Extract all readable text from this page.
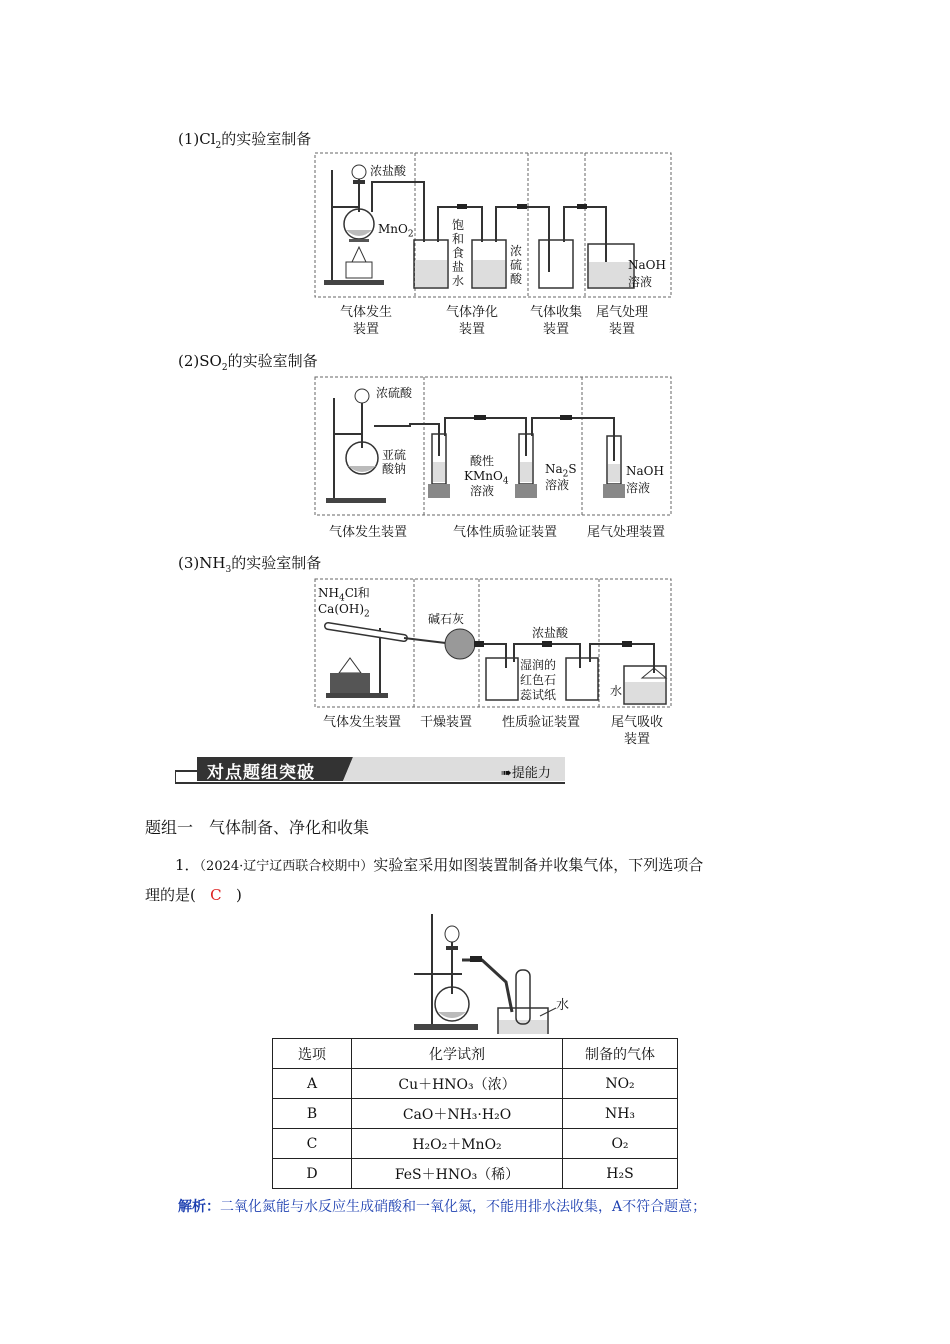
$(1)Cl_2$的实验室制备
浓盐酸
MnO$_2$
饱和食盐水
浓硫酸
NaOH
溶液
气体发生装置
气体净化装置
气体收集装置
尾气处理装置
$(2)SO_2$的实验室制备
浓硫酸
亚硫酸钠
酸性
KMnO$_4$
溶液
$Na_2S$
溶液
NaOH
溶液
气体发生装置	气体性质验证装置	尾气处理装置
$(3)NH_3$的实验室制备
$NH_4Cl$和
$Ca(OH)_2$	碱石灰
浓盐酸
湿润的
红色石
蕊试纸	水
气体发生装置	干燥装置	性质验证装置	尾气吸收装置
对点题组突破	➠提能力
题组一　气体制备、净化和收集
1．（2024·辽宁辽西联合校期中）实验室采用如图装置制备并收集气体，下列选项合
理的是( C )
水
选项	化学试剂	制备的气体
A	Cu＋HNO₃（浓）	NO₂
B	CaO＋NH₃·H₂O	NH₃
C	H₂O₂＋MnO₂	O₂
D	FeS＋HNO₃（稀）	H₂S
解析：二氧化氮能与水反应生成硝酸和一氧化氮，不能用排水法收集，A不符合题意；
